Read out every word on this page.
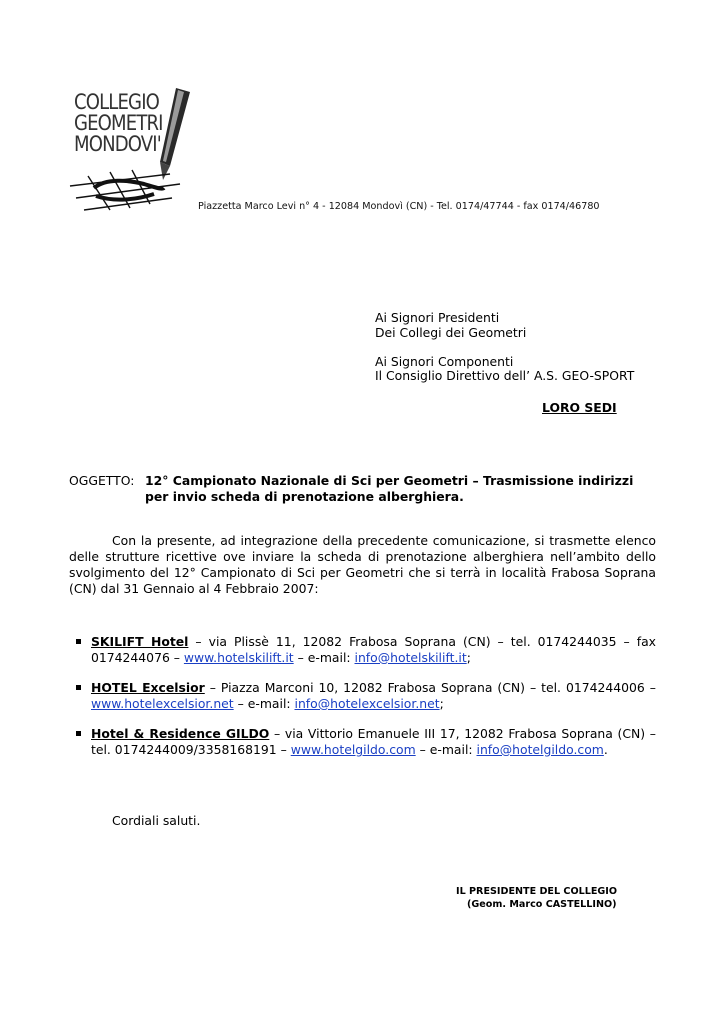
COLLEGIO
GEOMETRI
MONDOVI'
Piazzetta Marco Levi n° 4 - 12084 Mondovì (CN) - Tel. 0174/47744 - fax 0174/46780
Ai Signori Presidenti
Dei Collegi dei Geometri
Ai Signori Componenti
Il Consiglio Direttivo dell’ A.S. GEO-SPORT
LORO SEDI
OGGETTO: 12° Campionato Nazionale di Sci per Geometri – Trasmissione indirizzi per invio scheda di prenotazione alberghiera.
Con la presente, ad integrazione della precedente comunicazione, si trasmette elenco delle strutture ricettive ove inviare la scheda di prenotazione alberghiera nell’ambito dello svolgimento del 12° Campionato di Sci per Geometri che si terrà in località Frabosa Soprana (CN) dal 31 Gennaio al 4 Febbraio 2007:
SKILIFT Hotel – via Plissè 11, 12082 Frabosa Soprana (CN) – tel. 0174244035 – fax 0174244076 – www.hotelskilift.it – e-mail: info@hotelskilift.it;
HOTEL Excelsior – Piazza Marconi 10, 12082 Frabosa Soprana (CN) – tel. 0174244006 – www.hotelexcelsior.net – e-mail: info@hotelexcelsior.net;
Hotel & Residence GILDO – via Vittorio Emanuele III 17, 12082 Frabosa Soprana (CN) – tel. 0174244009/3358168191 – www.hotelgildo.com – e-mail: info@hotelgildo.com.
Cordiali saluti.
IL PRESIDENTE DEL COLLEGIO
(Geom. Marco CASTELLINO)
